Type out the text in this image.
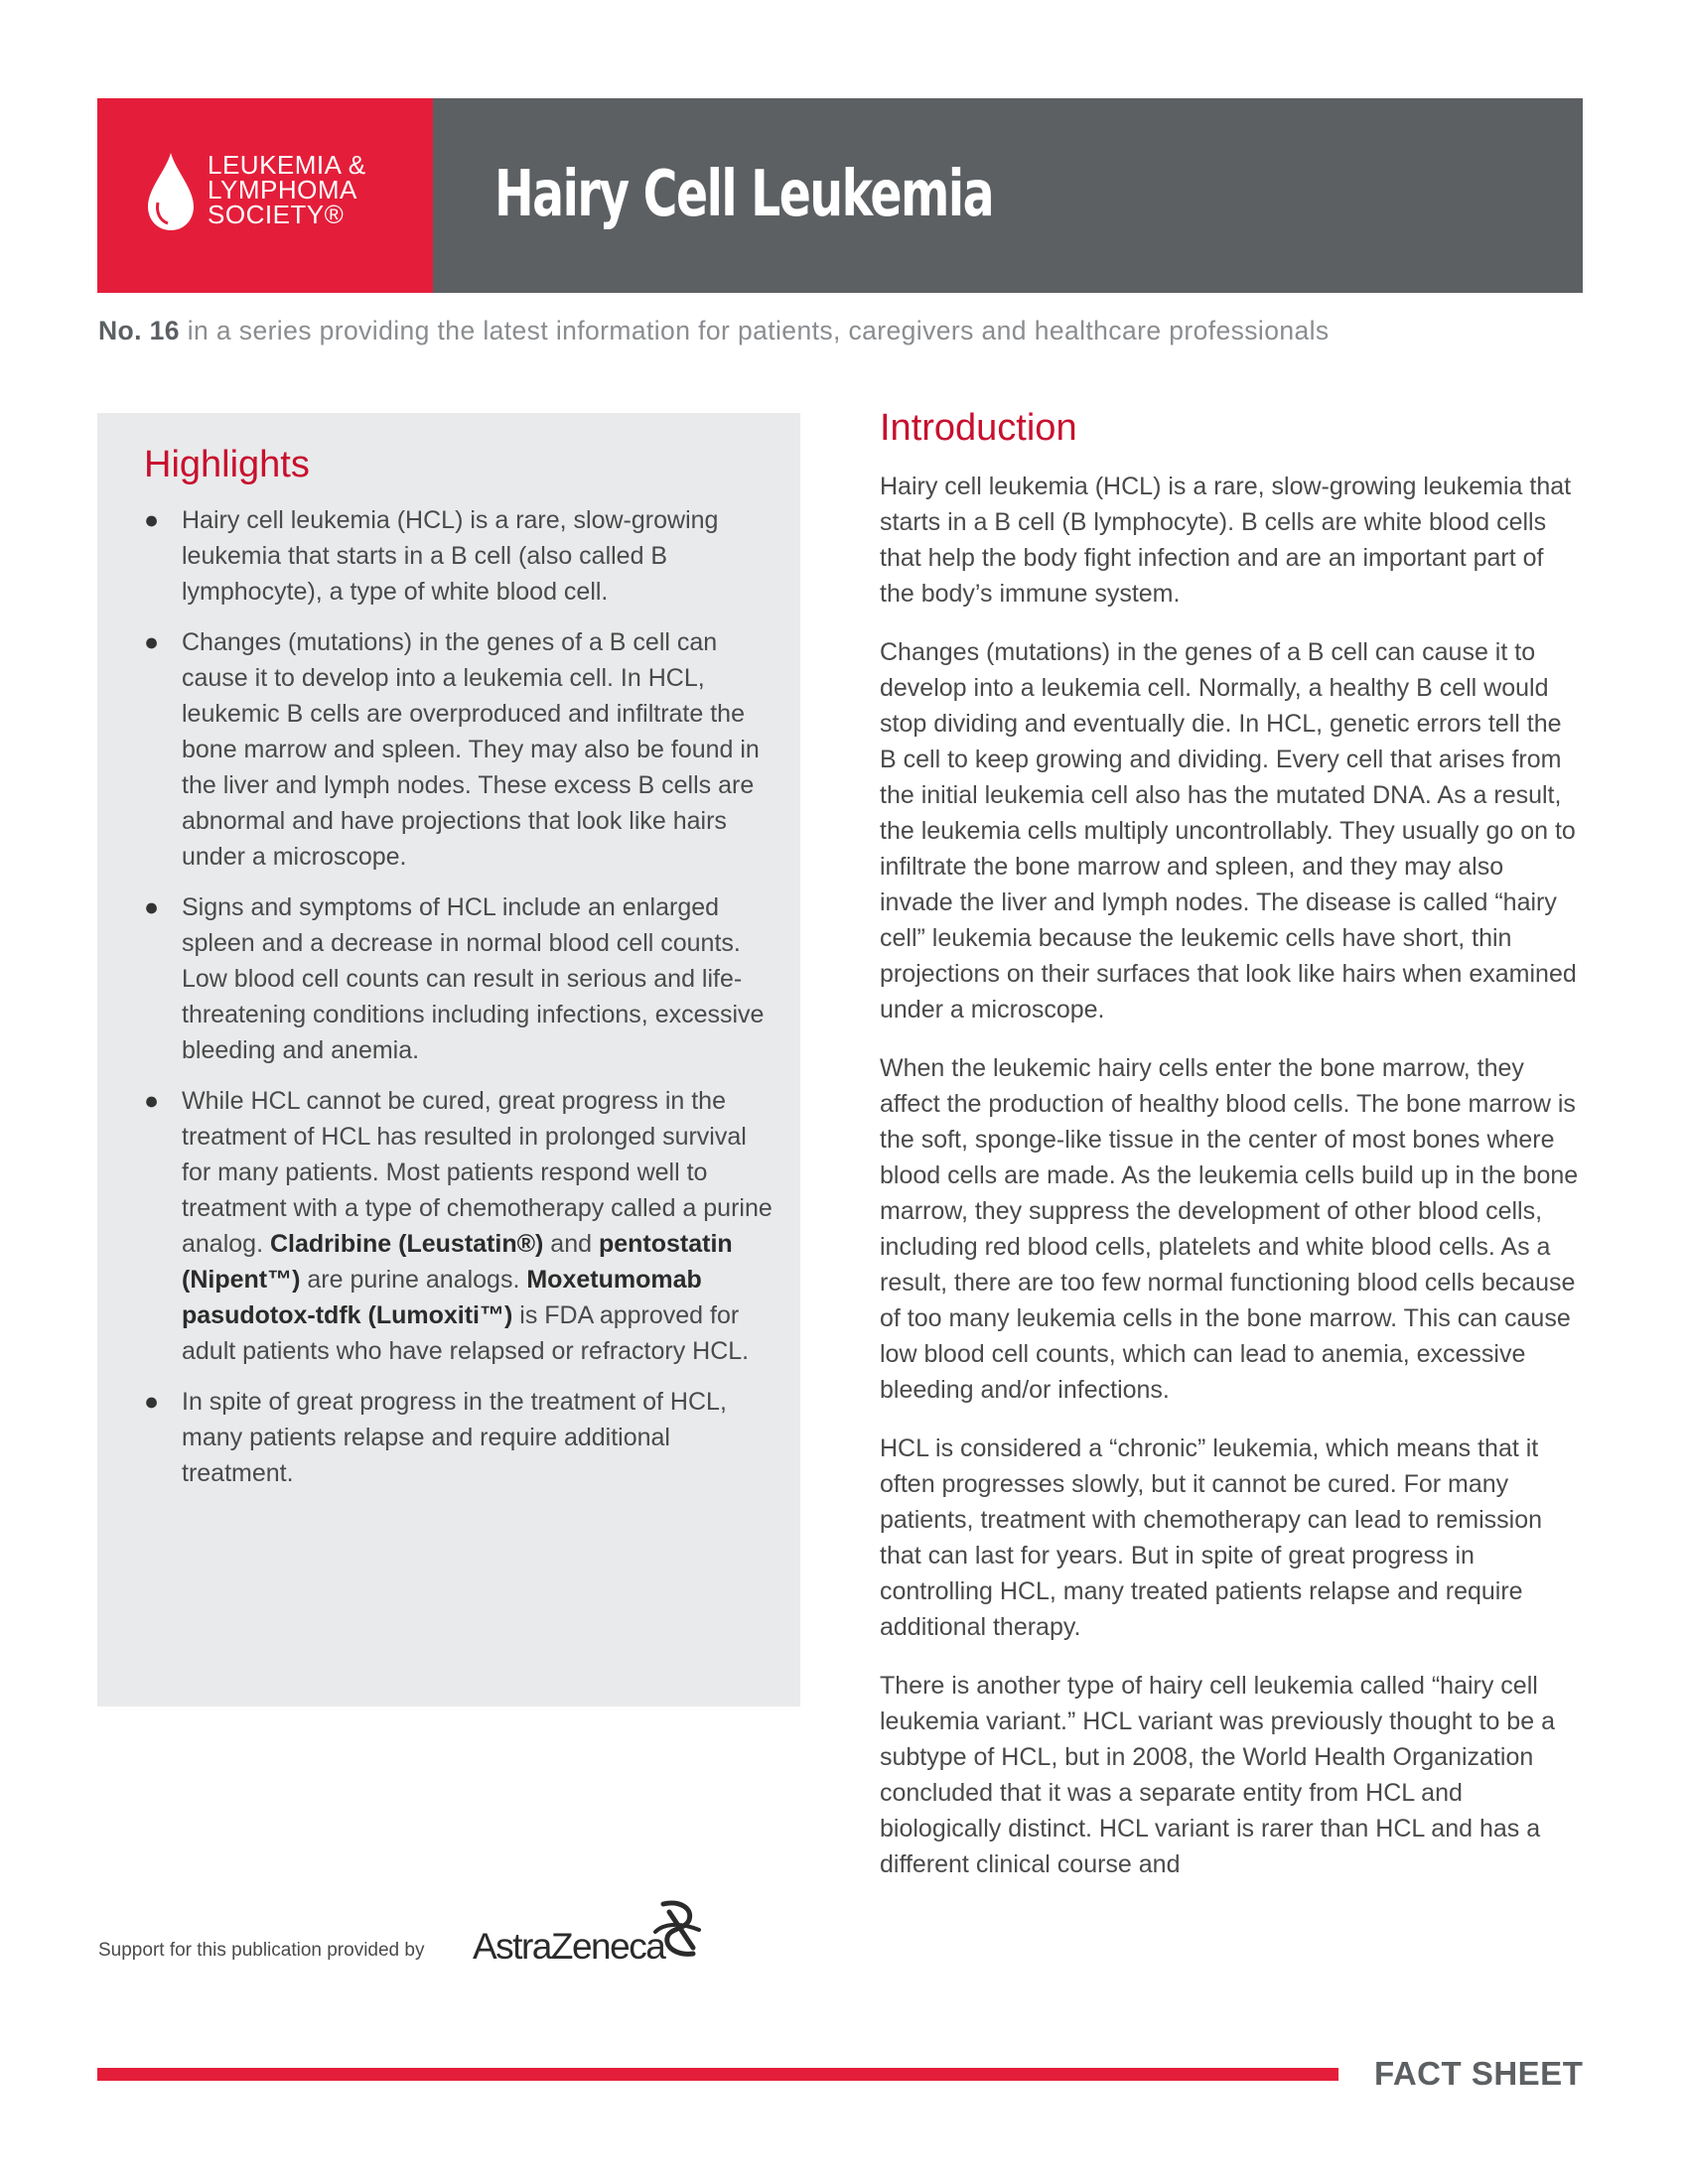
LEUKEMIA &
LYMPHOMA
SOCIETY®	Hairy Cell Leukemia
No. 16 in a series providing the latest information for patients, caregivers and healthcare professionals
Highlights
● Hairy cell leukemia (HCL) is a rare, slow-growing leukemia that starts in a B cell (also called B lymphocyte), a type of white blood cell.
● Changes (mutations) in the genes of a B cell can cause it to develop into a leukemia cell. In HCL, leukemic B cells are overproduced and infiltrate the bone marrow and spleen. They may also be found in the liver and lymph nodes. These excess B cells are abnormal and have projections that look like hairs under a microscope.
● Signs and symptoms of HCL include an enlarged spleen and a decrease in normal blood cell counts. Low blood cell counts can result in serious and life-threatening conditions including infections, excessive bleeding and anemia.
● While HCL cannot be cured, great progress in the treatment of HCL has resulted in prolonged survival for many patients. Most patients respond well to treatment with a type of chemotherapy called a purine analog. Cladribine (Leustatin®) and pentostatin (Nipent™) are purine analogs. Moxetumomab pasudotox-tdfk (Lumoxiti™) is FDA approved for adult patients who have relapsed or refractory HCL.
● In spite of great progress in the treatment of HCL, many patients relapse and require additional treatment.
Introduction

Hairy cell leukemia (HCL) is a rare, slow-growing leukemia that starts in a B cell (B lymphocyte). B cells are white blood cells that help the body fight infection and are an important part of the body’s immune system.

Changes (mutations) in the genes of a B cell can cause it to develop into a leukemia cell. Normally, a healthy B cell would stop dividing and eventually die. In HCL, genetic errors tell the B cell to keep growing and dividing. Every cell that arises from the initial leukemia cell also has the mutated DNA. As a result, the leukemia cells multiply uncontrollably. They usually go on to infiltrate the bone marrow and spleen, and they may also invade the liver and lymph nodes. The disease is called “hairy cell” leukemia because the leukemic cells have short, thin projections on their surfaces that look like hairs when examined under a microscope.

When the leukemic hairy cells enter the bone marrow, they affect the production of healthy blood cells. The bone marrow is the soft, sponge-like tissue in the center of most bones where blood cells are made. As the leukemia cells build up in the bone marrow, they suppress the development of other blood cells, including red blood cells, platelets and white blood cells. As a result, there are too few normal functioning blood cells because of too many leukemia cells in the bone marrow. This can cause low blood cell counts, which can lead to anemia, excessive bleeding and/or infections.

HCL is considered a “chronic” leukemia, which means that it often progresses slowly, but it cannot be cured. For many patients, treatment with chemotherapy can lead to remission that can last for years. But in spite of great progress in controlling HCL, many treated patients relapse and require additional therapy.

There is another type of hairy cell leukemia called “hairy cell leukemia variant.” HCL variant was previously thought to be a subtype of HCL, but in 2008, the World Health Organization concluded that it was a separate entity from HCL and biologically distinct. HCL variant is rarer than HCL and has a different clinical course and

Support for this publication provided by AstraZeneca
FACT SHEET
